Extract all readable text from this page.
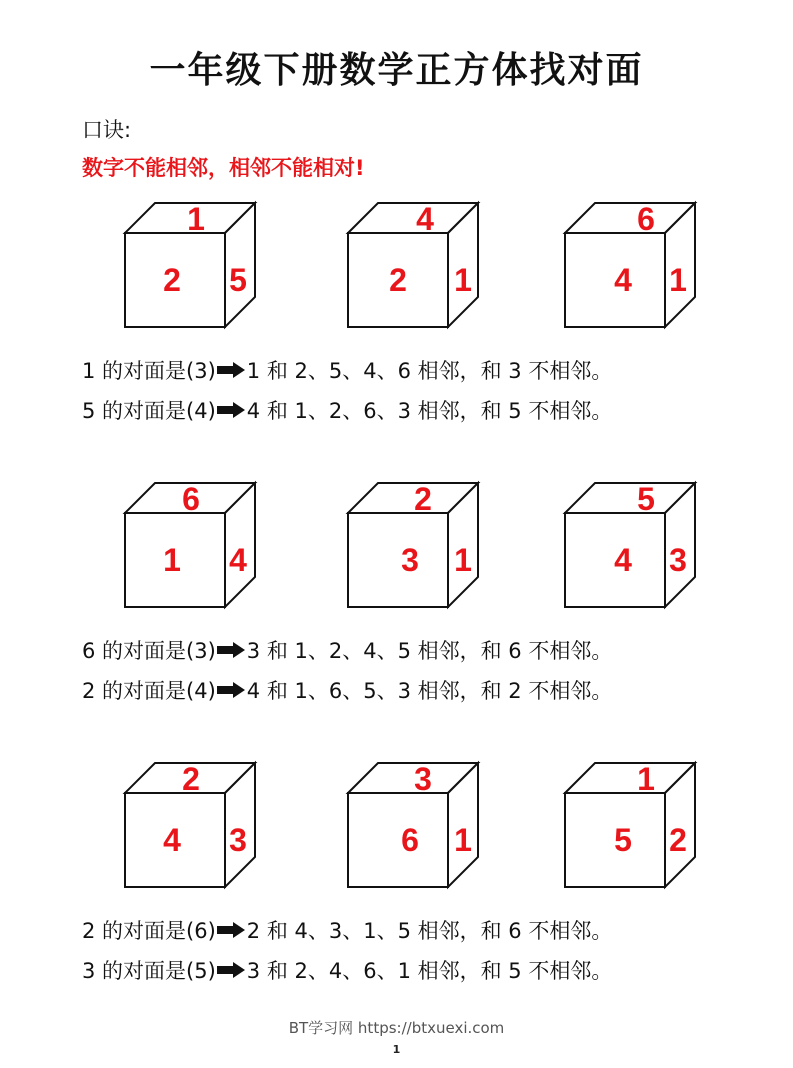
一年级下册数学正方体找对面
口诀:
数字不能相邻，相邻不能相对!
1
2 5
4
2 1
6
4 1
1 的对面是(3) 1 和 2、5、4、6 相邻，和 3 不相邻。
5 的对面是(4) 4 和 1、2、6、3 相邻，和 5 不相邻。
6
1 4
2
3 1
5
4 3
6 的对面是(3) 3 和 1、2、4、5 相邻，和 6 不相邻。
2 的对面是(4) 4 和 1、6、5、3 相邻，和 2 不相邻。
2
4 3
3
6 1
1
5 2
2 的对面是(6) 2 和 4、3、1、5 相邻，和 6 不相邻。
3 的对面是(5) 3 和 2、4、6、1 相邻，和 5 不相邻。
BT学习网 https://btxuexi.com
1
